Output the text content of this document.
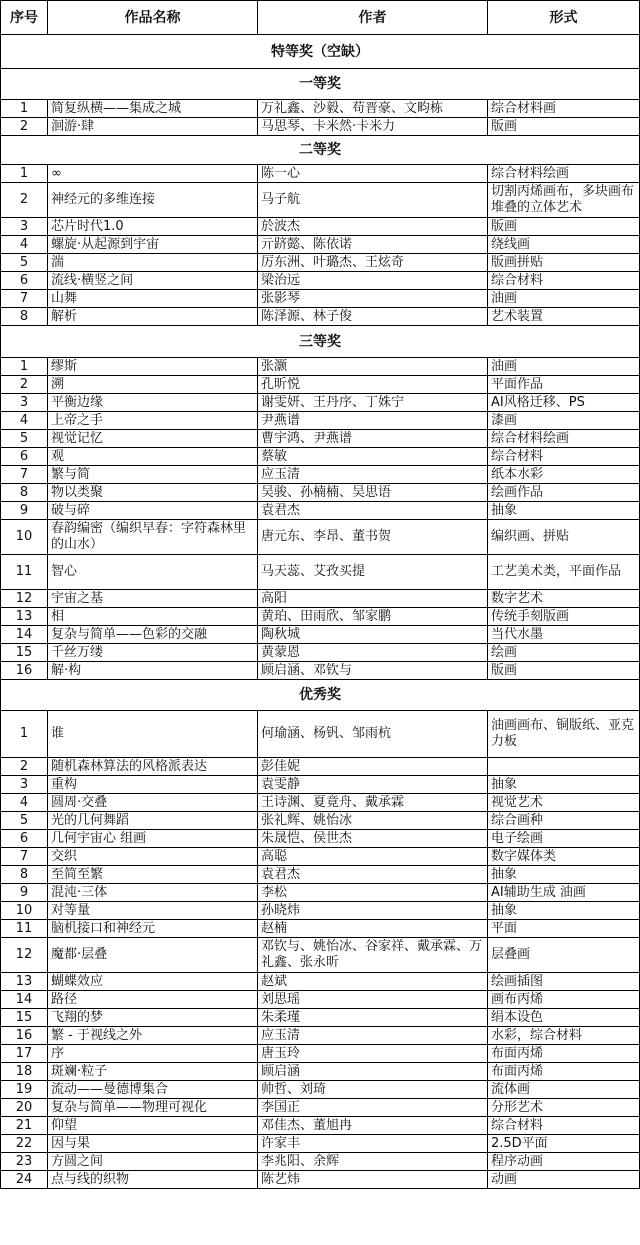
序号	作品名称	作者	形式
特等奖（空缺）			
一等奖			
1	简复纵横——集成之城	万礼鑫、沙毅、苟晋豪、文畇栋	综合材料画
2	洄游·肆	马思琴、卡米然·卡米力	版画
二等奖			
1	∞	陈一心	综合材料绘画
2	神经元的多维连接	马子航	切割丙烯画布，多块画布堆叠的立体艺术
3	芯片时代1.0	於波杰	版画
4	螺旋·从起源到宇宙	亓跻懿、陈依诺	绕线画
5	湍	厉东洲、叶璐杰、王炫奇	版画拼贴
6	流线·横竖之间	梁治远	综合材料
7	山舞	张影琴	油画
8	解析	陈泽源、林子俊	艺术装置
三等奖			
1	缪斯	张灏	油画
2	溯	孔昕悦	平面作品
3	平衡边缘	谢雯妍、王丹序、丁姝宁	AI风格迁移、PS
4	上帝之手	尹燕谱	漆画
5	视觉记忆	曹宇鸿、尹燕谱	综合材料绘画
6	观	蔡敏	综合材料
7	繁与简	应玉清	纸本水彩
8	物以类聚	吴骏、孙楠楠、吴思语	绘画作品
9	破与碎	袁君杰	抽象
10	春韵编密（编织早春：字符森林里的山水）	唐元东、李昂、董书贺	编织画、拼贴
11	智心	马天蕊、艾孜买提	工艺美术类，平面作品
12	宇宙之基	高阳	数字艺术
13	相	黄珀、田雨欣、邹家鹏	传统手刻版画
14	复杂与简单——色彩的交融	陶秋城	当代水墨
15	千丝万缕	黄蒙恩	绘画
16	解·构	顾启涵、邓钦与	版画
优秀奖			
1	谁	何瑜涵、杨钒、邹雨杭	油画画布、铜版纸、亚克力板
2	随机森林算法的风格派表达	彭佳妮	
3	重构	袁雯静	抽象
4	圆周·交叠	王诗渊、夏竟舟、戴承霖	视觉艺术
5	光的几何舞蹈	张礼辉、姚怡冰	综合画种
6	几何宇宙心 组画	朱晟恺、侯世杰	电子绘画
7	交织	高聪	数字媒体类
8	至简至繁	袁君杰	抽象
9	混沌·三体	李松	AI辅助生成 油画
10	对等量	孙晓炜	抽象
11	脑机接口和神经元	赵楠	平面
12	魔都·层叠	邓钦与、姚怡冰、谷家祥、戴承霖、万礼鑫、张永昕	层叠画
13	蝴蝶效应	赵斌	绘画插图
14	路径	刘思瑶	画布丙烯
15	飞翔的梦	朱柔瑾	绢本设色
16	繁 - 于视线之外	应玉清	水彩，综合材料
17	序	唐玉玲	布面丙烯
18	斑斓·粒子	顾启涵	布面丙烯
19	流动——曼德博集合	帅哲、刘琦	流体画
20	复杂与简单——物理可视化	李国正	分形艺术
21	仰望	邓佳杰、董旭冉	综合材料
22	因与果	许家丰	2.5D平面
23	方圆之间	李兆阳、余辉	程序动画
24	点与线的织物	陈艺炜	动画
